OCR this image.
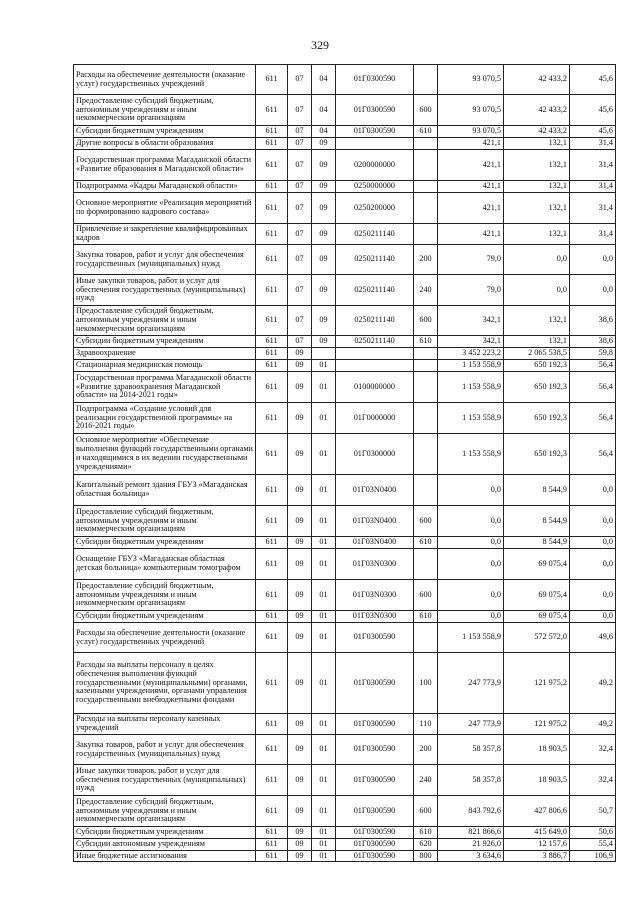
329
Расходы на обеспечение деятельности (оказание услуг) государственных учреждений	611	07	04	01Г0300590		93 070,5	42 433,2	45,6
Предоставление субсидий бюджетным, автономным учреждениям и иным некоммерческим организациям	611	07	04	01Г0300590	600	93 070,5	42 433,2	45,6
Субсидии бюджетным учреждениям	611	07	04	01Г0300590	610	93 070,5	42 433,2	45,6
Другие вопросы в области образования	611	07	09			421,1	132,1	31,4
Государственная программа Магаданской области «Развитие образования в Магаданской области»	611	07	09	0200000000		421,1	132,1	31,4
Подпрограмма «Кадры Магаданской области»	611	07	09	0250000000		421,1	132,1	31,4
Основное мероприятие «Реализация мероприятий по формированию кадрового состава»	611	07	09	0250200000		421,1	132,1	31,4
Привлечение и закрепление квалифицированных кадров	611	07	09	0250211140		421,1	132,1	31,4
Закупка товаров, работ и услуг для обеспечения государственных (муниципальных) нужд	611	07	09	0250211140	200	79,0	0,0	0,0
Иные закупки товаров, работ и услуг для обеспечения государственных (муниципальных) нужд	611	07	09	0250211140	240	79,0	0,0	0,0
Предоставление субсидий бюджетным, автономным учреждениям и иным некоммерческим организациям	611	07	09	0250211140	600	342,1	132,1	38,6
Субсидии бюджетным учреждениям	611	07	09	0250211140	610	342,1	132,1	38,6
Здравоохранение	611	09				3 452 223,2	2 065 538,5	59,8
Стационарная медицинская помощь	611	09	01			1 153 558,9	650 192,3	56,4
Государственная программа Магаданской области «Развитие здравоохранения Магаданской области» на 2014-2021 годы»	611	09	01	0100000000		1 153 558,9	650 192,3	56,4
Подпрограмма «Создание условий для реализации государственной программы» на 2016-2021 годы»	611	09	01	01Г0000000		1 153 558,9	650 192,3	56,4
Основное мероприятие «Обеспечение выполнения функций государственными органами и находящимися в их ведении государственными учреждениями»	611	09	01	01Г0300000		1 153 558,9	650 192,3	56,4
Капитальный ремонт здания ГБУЗ «Магаданская областная больница»	611	09	01	01Г03N0400		0,0	8 544,9	0,0
Предоставление субсидий бюджетным, автономным учреждениям и иным некоммерческим организациям	611	09	01	01Г03N0400	600	0,0	8 544,9	0,0
Субсидии бюджетным учреждениям	611	09	01	01Г03N0400	610	0,0	8 544,9	0,0
Оснащение ГБУЗ «Магаданская областная детская больница» компьютерным томографом	611	09	01	01Г03N0300		0,0	69 075,4	0,0
Предоставление субсидий бюджетным, автономным учреждениям и иным некоммерческим организациям	611	09	01	01Г03N0300	600	0,0	69 075,4	0,0
Субсидии бюджетным учреждениям	611	09	01	01Г03N0300	610	0,0	69 075,4	0,0
Расходы на обеспечение деятельности (оказание услуг) государственных учреждений	611	09	01	01Г0300590		1 153 558,9	572 572,0	49,6
Расходы на выплаты персоналу в целях обеспечения выполнения функций государственными (муниципальными) органами, казенными учреждениями, органами управления государственными внебюджетными фондами	611	09	01	01Г0300590	100	247 773,9	121 975,2	49,2
Расходы на выплаты персоналу казенных учреждений	611	09	01	01Г0300590	110	247 773,9	121 975,2	49,2
Закупка товаров, работ и услуг для обеспечения государственных (муниципальных) нужд	611	09	01	01Г0300590	200	58 357,8	18 903,5	32,4
Иные закупки товаров, работ и услуг для обеспечения государственных (муниципальных) нужд	611	09	01	01Г0300590	240	58 357,8	18 903,5	32,4
Предоставление субсидий бюджетным, автономным учреждениям и иным некоммерческим организациям	611	09	01	01Г0300590	600	843 792,6	427 806,6	50,7
Субсидии бюджетным учреждениям	611	09	01	01Г0300590	610	821 866,6	415 649,0	50,6
Субсидии автономным учреждениям	611	09	01	01Г0300590	620	21 926,0	12 157,6	55,4
Иные бюджетные ассигнования	611	09	01	01Г0300590	800	3 634,6	3 886,7	106,9
